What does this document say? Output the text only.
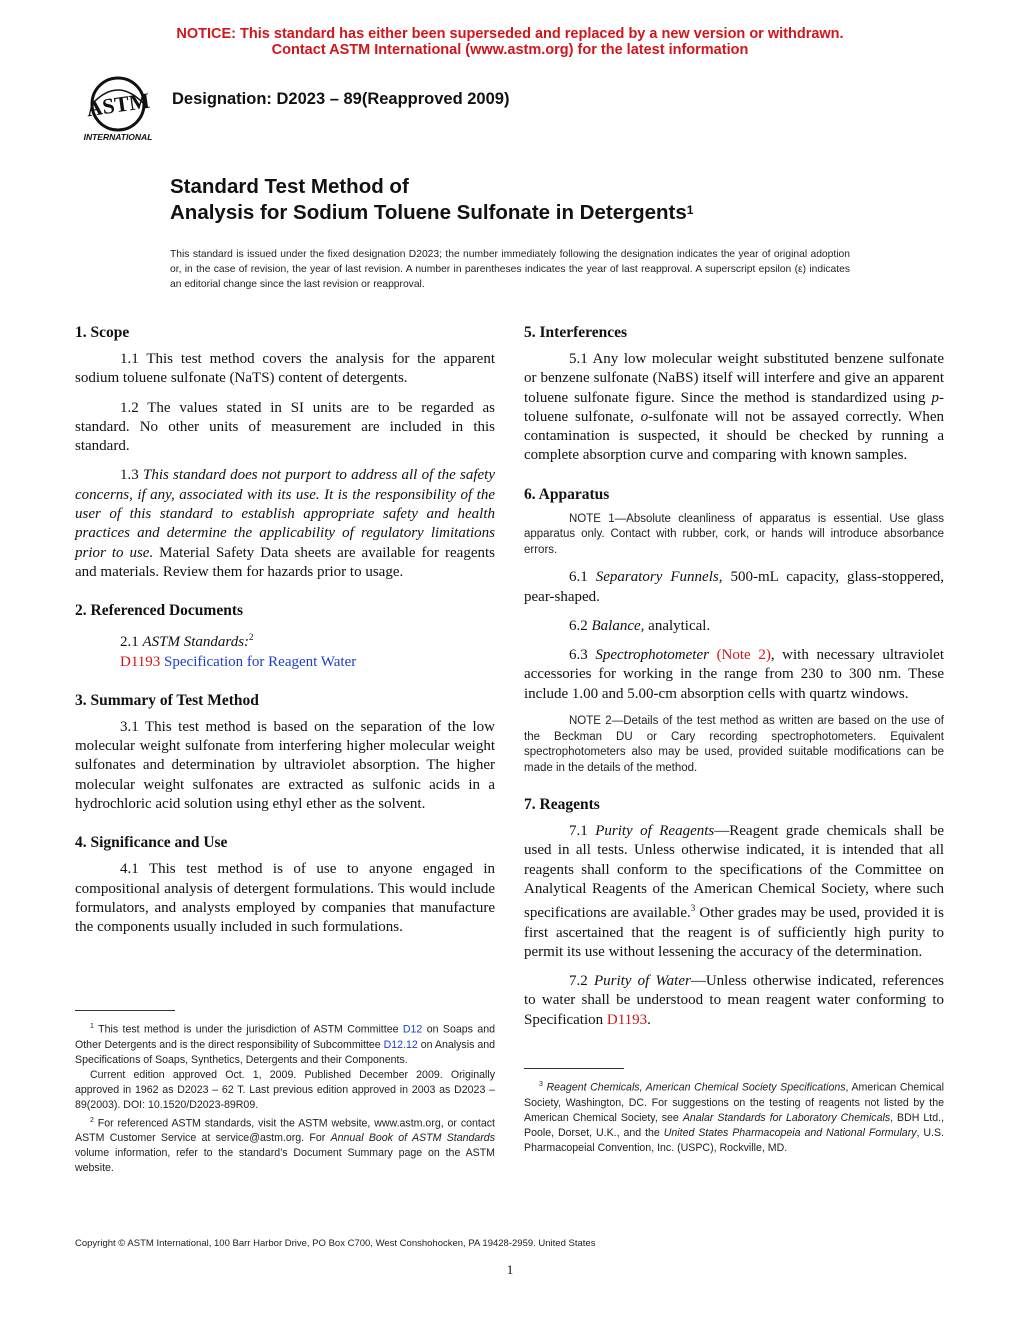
NOTICE: This standard has either been superseded and replaced by a new version or withdrawn.
Contact ASTM International (www.astm.org) for the latest information
ASTM
INTERNATIONAL
Designation: D2023 – 89(Reapproved 2009)
Standard Test Method of
Analysis for Sodium Toluene Sulfonate in Detergents$^1$
This standard is issued under the fixed designation D2023; the number immediately following the designation indicates the year of original adoption or, in the case of revision, the year of last revision. A number in parentheses indicates the year of last reapproval. A superscript epsilon (ε) indicates an editorial change since the last revision or reapproval.
1. Scope

1.1 This test method covers the analysis for the apparent sodium toluene sulfonate (NaTS) content of detergents.

1.2 The values stated in SI units are to be regarded as standard. No other units of measurement are included in this standard.

1.3 This standard does not purport to address all of the safety concerns, if any, associated with its use. It is the responsibility of the user of this standard to establish appropriate safety and health practices and determine the applicability of regulatory limitations prior to use. Material Safety Data sheets are available for reagents and materials. Review them for hazards prior to usage.

2. Referenced Documents

2.1 ASTM Standards:$^2$

D1193 Specification for Reagent Water

3. Summary of Test Method

3.1 This test method is based on the separation of the low molecular weight sulfonate from interfering higher molecular weight sulfonates and determination by ultraviolet absorption. The higher molecular weight sulfonates are extracted as sulfonic acids in a hydrochloric acid solution using ethyl ether as the solvent.

4. Significance and Use

4.1 This test method is of use to anyone engaged in compositional analysis of detergent formulations. This would include formulators, and analysts employed by companies that manufacture the components usually included in such formulations.

5. Interferences

5.1 Any low molecular weight substituted benzene sulfonate or benzene sulfonate (NaBS) itself will interfere and give an apparent toluene sulfonate figure. Since the method is standardized using p-toluene sulfonate, o-sulfonate will not be assayed correctly. When contamination is suspected, it should be checked by running a complete absorption curve and comparing with known samples.

6. Apparatus

NOTE 1—Absolute cleanliness of apparatus is essential. Use glass apparatus only. Contact with rubber, cork, or hands will introduce absorbance errors.

6.1 Separatory Funnels, 500-mL capacity, glass-stoppered, pear-shaped.

6.2 Balance, analytical.

6.3 Spectrophotometer (Note 2), with necessary ultraviolet accessories for working in the range from 230 to 300 nm. These include 1.00 and 5.00-cm absorption cells with quartz windows.

NOTE 2—Details of the test method as written are based on the use of the Beckman DU or Cary recording spectrophotometers. Equivalent spectrophotometers also may be used, provided suitable modifications can be made in the details of the method.

7. Reagents

7.1 Purity of Reagents—Reagent grade chemicals shall be used in all tests. Unless otherwise indicated, it is intended that all reagents shall conform to the specifications of the Committee on Analytical Reagents of the American Chemical Society, where such specifications are available.$^3$ Other grades may be used, provided it is first ascertained that the reagent is of sufficiently high purity to permit its use without lessening the accuracy of the determination.

7.2 Purity of Water—Unless otherwise indicated, references to water shall be understood to mean reagent water conforming to Specification D1193.

$^1$ This test method is under the jurisdiction of ASTM Committee D12 on Soaps and Other Detergents and is the direct responsibility of Subcommittee D12.12 on Analysis and Specifications of Soaps, Synthetics, Detergents and their Components.

Current edition approved Oct. 1, 2009. Published December 2009. Originally approved in 1962 as D2023 – 62 T. Last previous edition approved in 2003 as D2023 – 89(2003). DOI: 10.1520/D2023-89R09.

$^2$ For referenced ASTM standards, visit the ASTM website, www.astm.org, or contact ASTM Customer Service at service@astm.org. For Annual Book of ASTM Standards volume information, refer to the standard’s Document Summary page on the ASTM website.

$^3$ Reagent Chemicals, American Chemical Society Specifications, American Chemical Society, Washington, DC. For suggestions on the testing of reagents not listed by the American Chemical Society, see Analar Standards for Laboratory Chemicals, BDH Ltd., Poole, Dorset, U.K., and the United States Pharmacopeia and National Formulary, U.S. Pharmacopeial Convention, Inc. (USPC), Rockville, MD.

Copyright © ASTM International, 100 Barr Harbor Drive, PO Box C700, West Conshohocken, PA 19428-2959. United States
1
